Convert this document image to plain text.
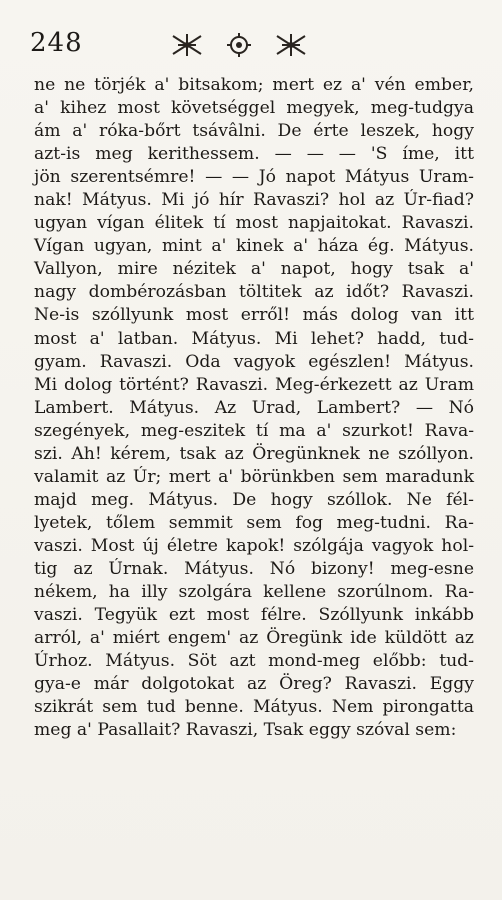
248
ne ne törjék a' bitsakom; mert ez a' vén ember,
a' kihez most követséggel megyek, meg-tudgya
ám a' róka-bőrt tsávâlni. De érte leszek, hogy
azt-is meg kerithessem. — — — 'S íme, itt
jön szerentsémre! — — Jó napot Mátyus Uram-
nak! Mátyus. Mi jó hír Ravaszi? hol az Úr-fiad?
ugyan vígan élitek tí most napjaitokat. Ravaszi.
Vígan ugyan, mint a' kinek a' háza ég. Mátyus.
Vallyon, mire nézitek a' napot, hogy tsak a'
nagy dombérozásban töltitek az időt? Ravaszi.
Ne-is szóllyunk most erről! más dolog van itt
most a' latban. Mátyus. Mi lehet? hadd, tud-
gyam. Ravaszi. Oda vagyok egészlen! Mátyus.
Mi dolog történt? Ravaszi. Meg-érkezett az Uram
Lambert. Mátyus. Az Urad, Lambert? — Nó
szegények, meg-eszitek tí ma a' szurkot! Rava-
szi. Ah! kérem, tsak az Öregünknek ne szóllyon.
valamit az Úr; mert a' börünkben sem maradunk
majd meg. Mátyus. De hogy szóllok. Ne fél-
lyetek, tőlem semmit sem fog meg-tudni. Ra-
vaszi. Most új életre kapok! szólgája vagyok hol-
tig az Úrnak. Mátyus. Nó bizony! meg-esne
nékem, ha illy szolgára kellene szorúlnom. Ra-
vaszi. Tegyük ezt most félre. Szóllyunk inkább
arról, a' miért engem' az Öregünk ide küldött az
Úrhoz. Mátyus. Söt azt mond-meg előbb: tud-
gya-e már dolgotokat az Öreg? Ravaszi. Eggy
szikrát sem tud benne. Mátyus. Nem pirongatta
meg a' Pasallait? Ravaszi, Tsak eggy szóval sem:
